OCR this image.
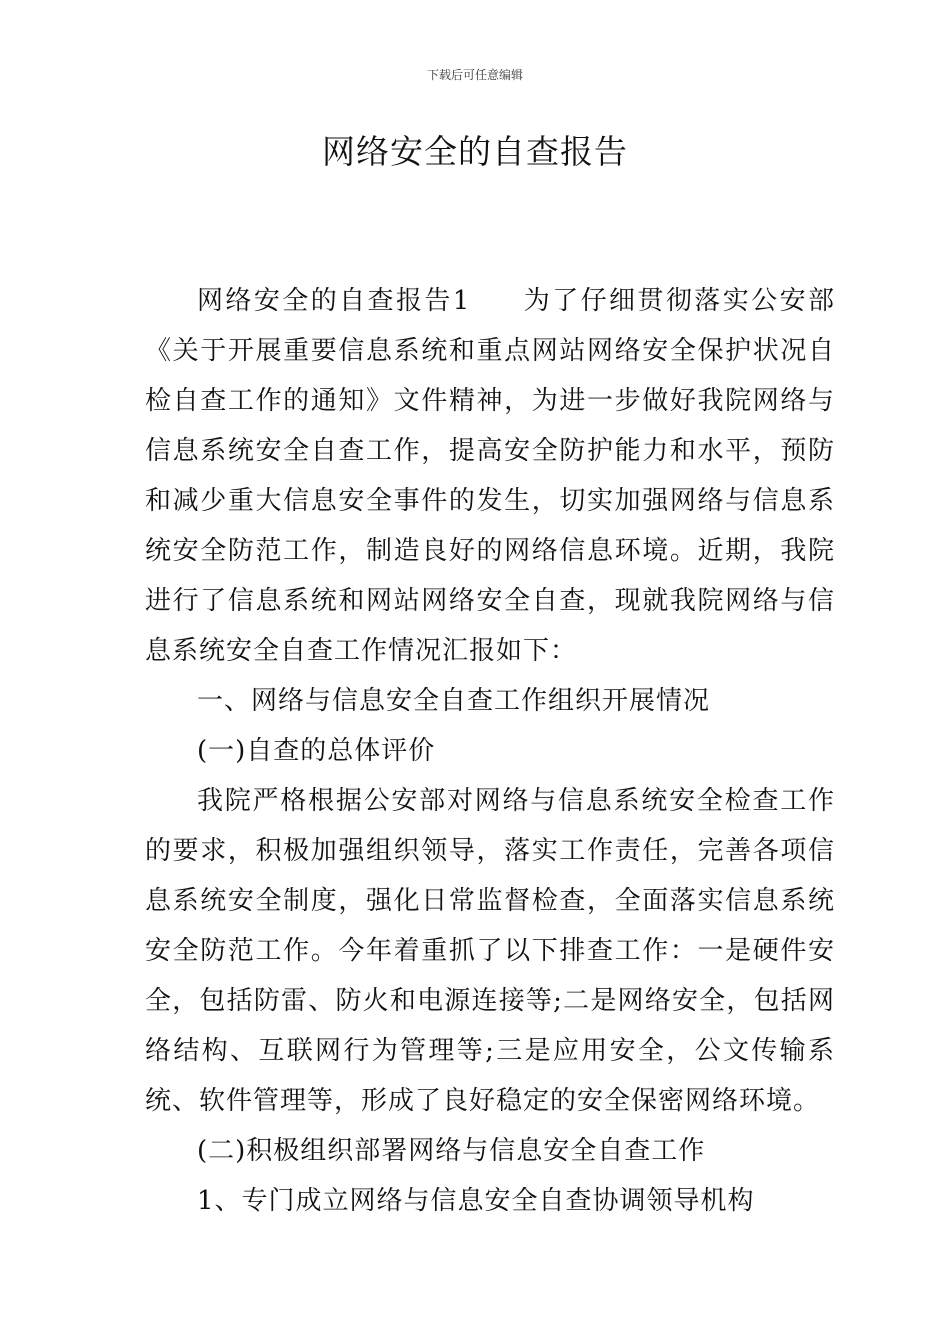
下载后可任意编辑
网络安全的自查报告

网络安全的自查报告1 为了仔细贯彻落实公安部《关于开展重要信息系统和重点网站网络安全保护状况自检自查工作的通知》文件精神，为进一步做好我院网络与信息系统安全自查工作，提高安全防护能力和水平，预防和减少重大信息安全事件的发生，切实加强网络与信息系统安全防范工作，制造良好的网络信息环境。近期，我院进行了信息系统和网站网络安全自查，现就我院网络与信息系统安全自查工作情况汇报如下：

一、网络与信息安全自查工作组织开展情况

(一)自查的总体评价

我院严格根据公安部对网络与信息系统安全检查工作的要求，积极加强组织领导，落实工作责任，完善各项信息系统安全制度，强化日常监督检查，全面落实信息系统安全防范工作。今年着重抓了以下排查工作：一是硬件安全，包括防雷、防火和电源连接等;二是网络安全，包括网络结构、互联网行为管理等;三是应用安全，公文传输系统、软件管理等，形成了良好稳定的安全保密网络环境。

(二)积极组织部署网络与信息安全自查工作

1、专门成立网络与信息安全自查协调领导机构
